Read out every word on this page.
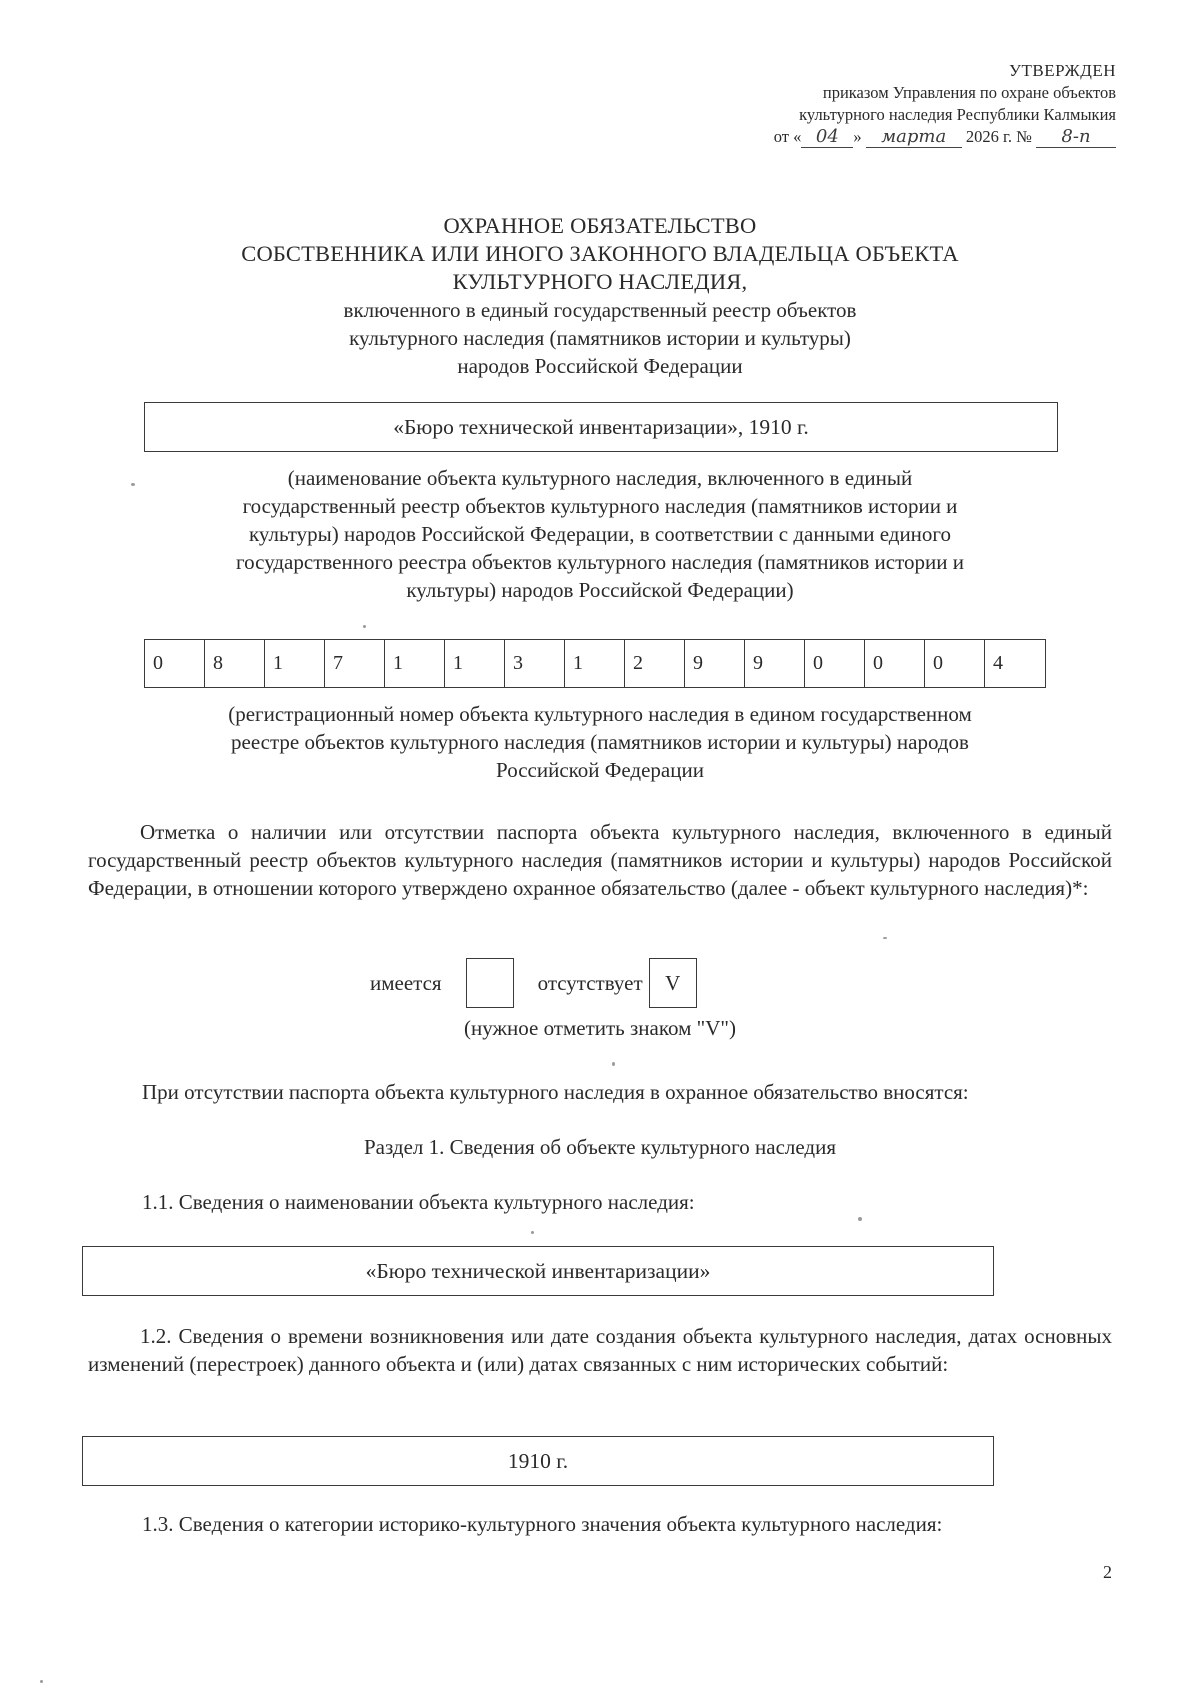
УТВЕРЖДЕН
приказом Управления по охране объектов
культурного наследия Республики Калмыкия
от « 04 » марта 2026 г. № 8-п
ОХРАННОЕ ОБЯЗАТЕЛЬСТВО
СОБСТВЕННИКА ИЛИ ИНОГО ЗАКОННОГО ВЛАДЕЛЬЦА ОБЪЕКТА
КУЛЬТУРНОГО НАСЛЕДИЯ,
включенного в единый государственный реестр объектов
культурного наследия (памятников истории и культуры)
народов Российской Федерации
«Бюро технической инвентаризации», 1910 г.
(наименование объекта культурного наследия, включенного в единый
государственный реестр объектов культурного наследия (памятников истории и
культуры) народов Российской Федерации, в соответствии с данными единого
государственного реестра объектов культурного наследия (памятников истории и
культуры) народов Российской Федерации)
0	8	1	7	1	1	3	1	2	9	9	0	0	0	4
(регистрационный номер объекта культурного наследия в едином государственном
реестре объектов культурного наследия (памятников истории и культуры) народов
Российской Федерации
Отметка о наличии или отсутствии паспорта объекта культурного наследия, включенного в единый государственный реестр объектов культурного наследия (памятников истории и культуры) народов Российской Федерации, в отношении которого утверждено охранное обязательство (далее - объект культурного наследия)*:
имеется	отсутствует	V
(нужное отметить знаком "V")
При отсутствии паспорта объекта культурного наследия в охранное обязательство вносятся:
Раздел 1. Сведения об объекте культурного наследия
1.1. Сведения о наименовании объекта культурного наследия:
«Бюро технической инвентаризации»
1.2. Сведения о времени возникновения или дате создания объекта культурного наследия, датах основных изменений (перестроек) данного объекта и (или) датах связанных с ним исторических событий:
1910 г.
1.3. Сведения о категории историко-культурного значения объекта культурного наследия:
2
